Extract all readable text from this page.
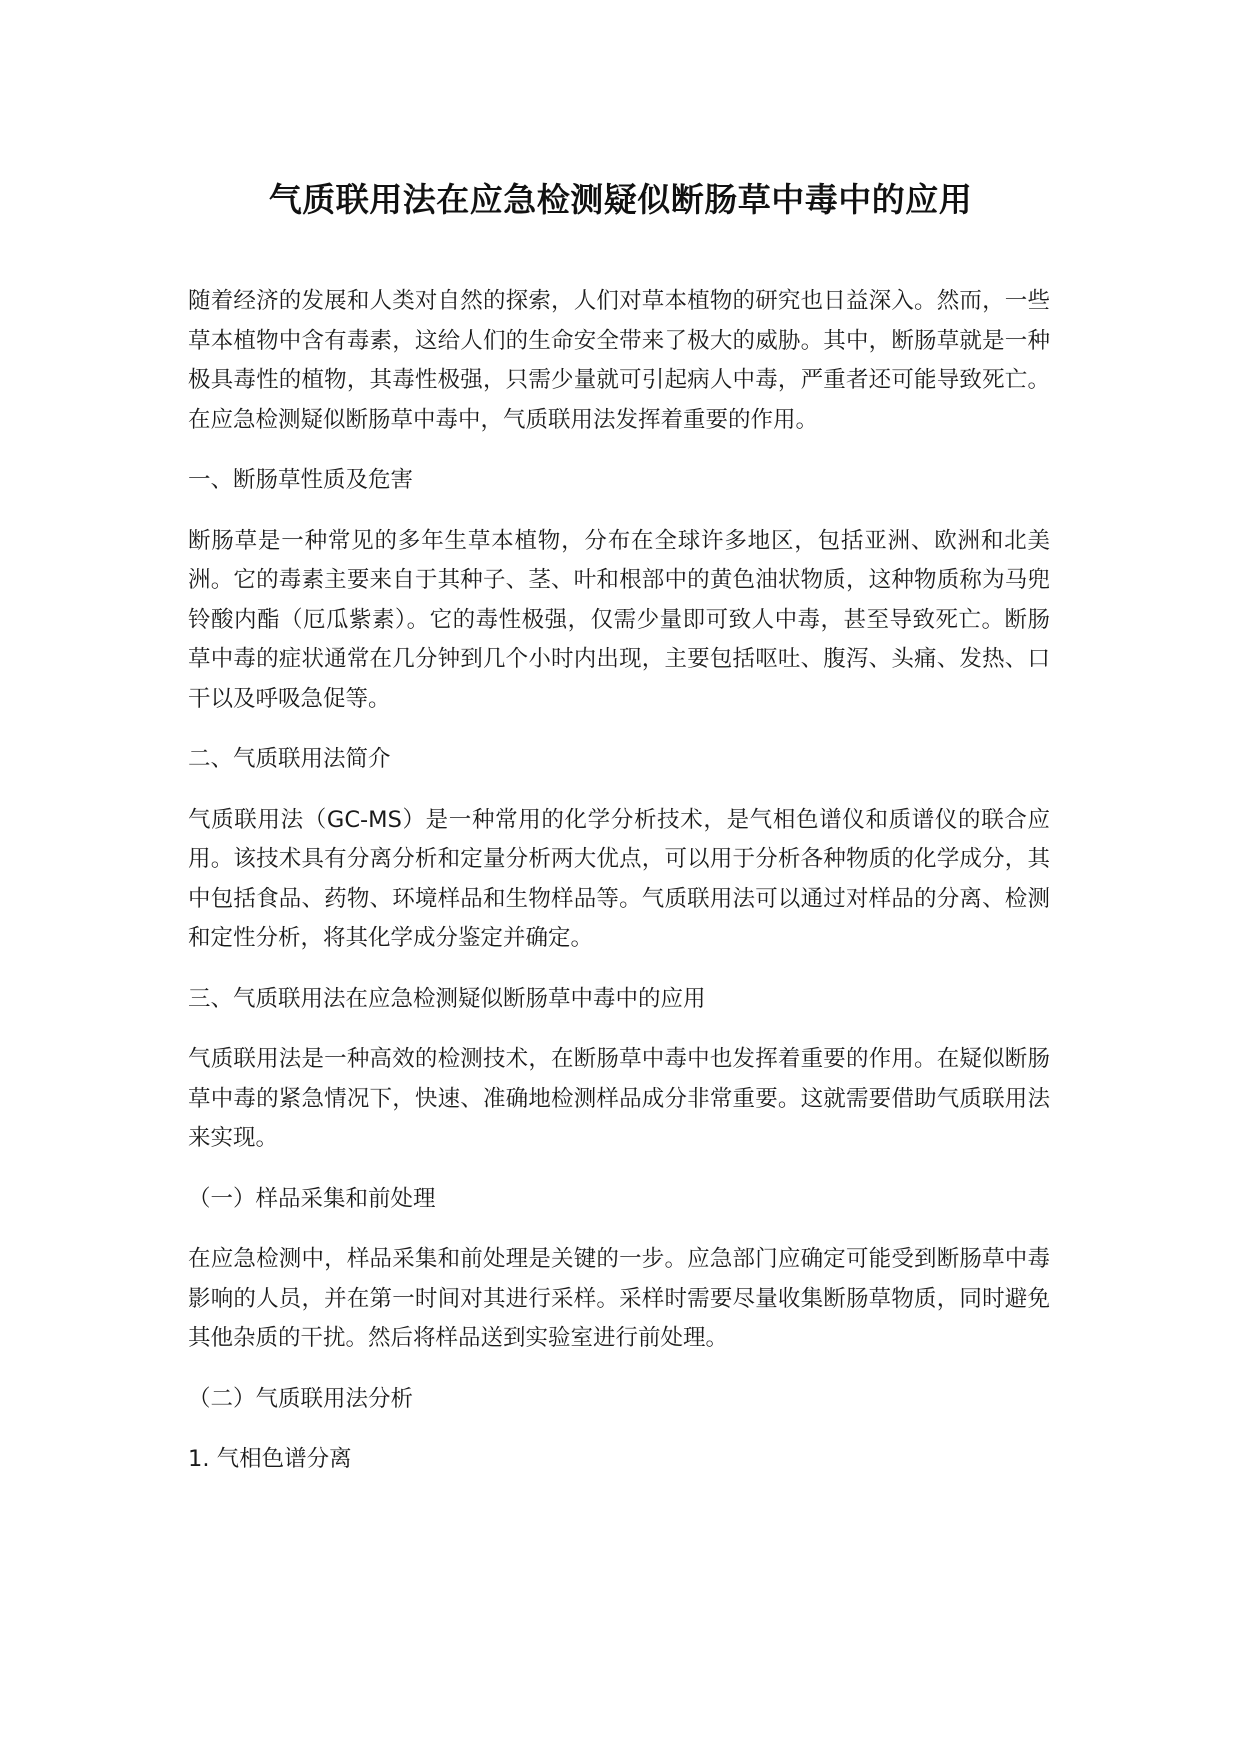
气质联用法在应急检测疑似断肠草中毒中的应用

随着经济的发展和人类对自然的探索，人们对草本植物的研究也日益深入。然而，一些草本植物中含有毒素，这给人们的生命安全带来了极大的威胁。其中，断肠草就是一种极具毒性的植物，其毒性极强，只需少量就可引起病人中毒，严重者还可能导致死亡。在应急检测疑似断肠草中毒中，气质联用法发挥着重要的作用。

一、断肠草性质及危害

断肠草是一种常见的多年生草本植物，分布在全球许多地区，包括亚洲、欧洲和北美洲。它的毒素主要来自于其种子、茎、叶和根部中的黄色油状物质，这种物质称为马兜铃酸内酯（厄瓜紫素）。它的毒性极强，仅需少量即可致人中毒，甚至导致死亡。断肠草中毒的症状通常在几分钟到几个小时内出现，主要包括呕吐、腹泻、头痛、发热、口干以及呼吸急促等。

二、气质联用法简介

气质联用法（GC-MS）是一种常用的化学分析技术，是气相色谱仪和质谱仪的联合应用。该技术具有分离分析和定量分析两大优点，可以用于分析各种物质的化学成分，其中包括食品、药物、环境样品和生物样品等。气质联用法可以通过对样品的分离、检测和定性分析，将其化学成分鉴定并确定。

三、气质联用法在应急检测疑似断肠草中毒中的应用

气质联用法是一种高效的检测技术，在断肠草中毒中也发挥着重要的作用。在疑似断肠草中毒的紧急情况下，快速、准确地检测样品成分非常重要。这就需要借助气质联用法来实现。

（一）样品采集和前处理

在应急检测中，样品采集和前处理是关键的一步。应急部门应确定可能受到断肠草中毒影响的人员，并在第一时间对其进行采样。采样时需要尽量收集断肠草物质，同时避免其他杂质的干扰。然后将样品送到实验室进行前处理。

（二）气质联用法分析

1. 气相色谱分离
